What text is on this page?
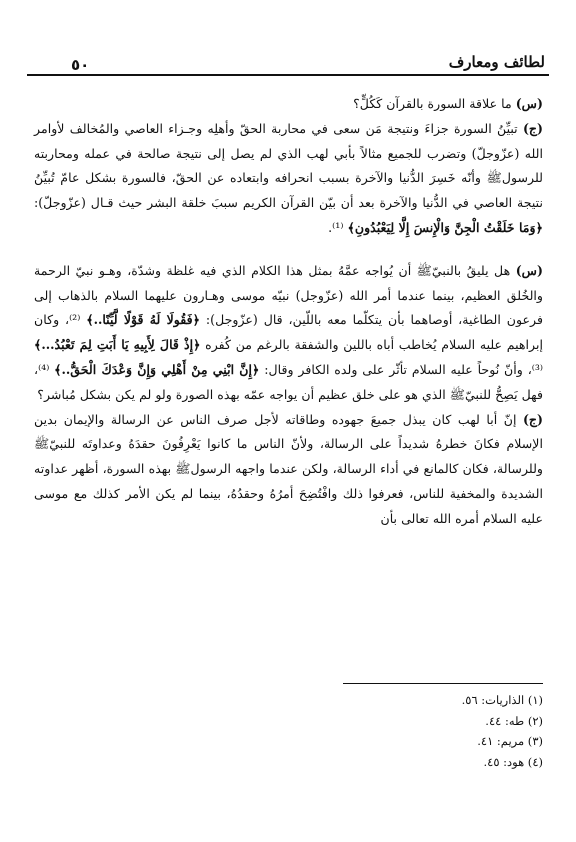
٥٠	لطائف ومعارف

(س) ما علاقة السورة بالقرآن كَكُلٍّ؟

(ج) تبيِّنُ السورة جزاءَ ونتيجة مَن سعى في محاربة الحقّ وأهلِه وجـزاء العاصي والمُخالف لأوامر الله (عزّوجلّ) وتضرب للجميع مثالاً بأبي لهب الذي لم يصل إلى نتيجة صالحة في عمله ومحاربته للرسولﷺ وأنّه خَسِرَ الدُّنيا والآخرة بسبب انحرافه وابتعاده عن الحقّ، فالسورة بشكل عامّ تُبيِّنُ نتيجة العاصي في الدُّنيا والآخرة بعد أن بيّن القرآن الكريم سببَ خلقة البشر حيث قـال (عزّوجلّ): ﴿وَمَا خَلَقْتُ الْجِنَّ وَالْإِنسَ إِلَّا لِيَعْبُدُونِ﴾ ⁽¹⁾.

(س) هل يليقُ بالنبيّﷺ أن يُواجه عمَّهُ بمثل هذا الكلام الذي فيه غلظة وشدّة، وهـو نبيّ الرحمة والخُلق العظيم، بينما عندما أمر الله (عزّوجل) نبيّه موسى وهـارون عليهما السلام بالذهاب إلى فرعون الطاغية، أوصاهما بأن يتكلّما معه باللّين، قال (عزّوجل): ﴿فَقُولَا لَهُ قَوْلًا لَّيِّنًا..﴾ ⁽²⁾، وكان إبراهيم عليه السلام يُخاطب أباه باللين والشفقة بالرغم من كُفره ﴿إِذْ قَالَ لِأَبِيهِ يَا أَبَتِ لِمَ تَعْبُدُ...﴾ ⁽³⁾، وأنّ نُوحاً عليه السلام تأثّر على ولده الكافر وقال: ﴿إِنَّ ابْنِي مِنْ أَهْلِي وَإِنَّ وَعْدَكَ الْحَقُّ..﴾ ⁽⁴⁾، فهل يَصِحُّ للنبيّﷺ الذي هو على خلق عظيم أن يواجه عمّه بهذه الصورة ولو لم يكن بشكل مُباشر؟

(ج) إنّ أبا لهب كان يبذل جميعَ جهوده وطاقاته لأجل صرف الناس عن الرسالة والإيمان بدين الإسلام فكانَ خطرهُ شديداً على الرسالة، ولأنّ الناس ما كانوا يَعْرِفُونَ حقدَهُ وعداوتَه للنبيّﷺ وللرسالة، فكان كالمانع في أداء الرسالة، ولكن عندما واجهه الرسولﷺ بهذه السورة، أظهر عداوته الشديدة والمخفية للناس، فعرفوا ذلك وافْتُضِحَ أمرُهُ وحقدُهُ، بينما لم يكن الأمر كذلك مع موسى عليه السلام أمره الله تعالى بأن

(١) الذاريات: ٥٦.
(٢) طه: ٤٤.
(٣) مريم: ٤١.
(٤) هود: ٤٥.
